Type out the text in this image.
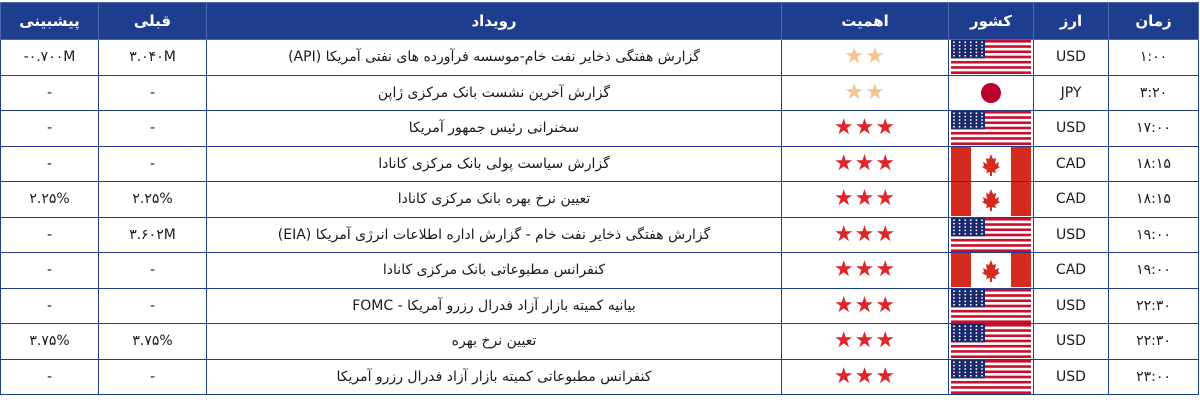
زمان	ارز	کشور	اهمیت	رویداد	قبلی	پیشبینی
۱:۰۰	USD		★★	گزارش هفتگی ذخایر نفت خام-موسسه فرآورده های نفتی آمریکا (API)	۳.۰۴۰M	-۰.۷۰۰M
۳:۲۰	JPY		★★	گزارش آخرین نشست بانک مرکزی ژاپن	-	-
۱۷:۰۰	USD		★★★	سخنرانی رئیس جمهور آمریکا	-	-
۱۸:۱۵	CAD		★★★	گزارش سیاست پولی بانک مرکزی کانادا	-	-
۱۸:۱۵	CAD		★★★	تعیین نرخ بهره بانک مرکزی کانادا	۲.۲۵%	۲.۲۵%
۱۹:۰۰	USD		★★★	گزارش هفتگی ذخایر نفت خام - گزارش اداره اطلاعات انرژی آمریکا (EIA)	۳.۶۰۲M	-
۱۹:۰۰	CAD		★★★	کنفرانس مطبوعاتی بانک مرکزی کانادا	-	-
۲۲:۳۰	USD		★★★	بیانیه کمیته بازار آزاد فدرال رزرو آمریکا - FOMC	-	-
۲۲:۳۰	USD		★★★	تعیین نرخ بهره	۳.۷۵%	۳.۷۵%
۲۳:۰۰	USD		★★★	کنفرانس مطبوعاتی کمیته بازار آزاد فدرال رزرو آمریکا	-	-
